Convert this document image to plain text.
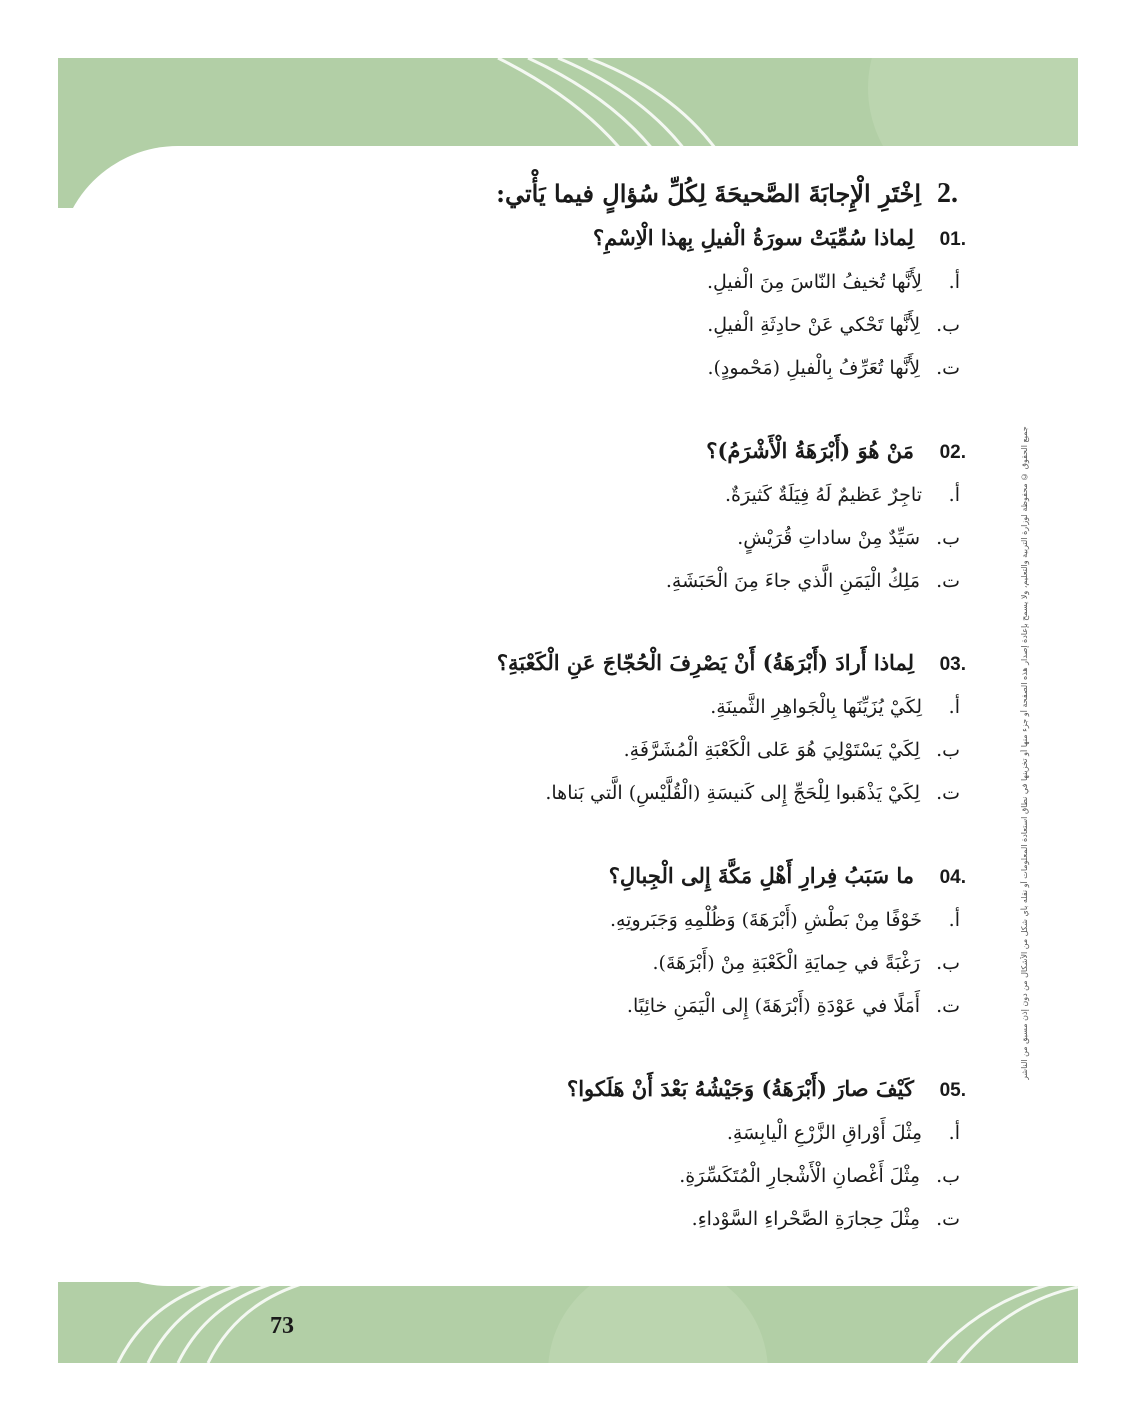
2.
اِخْتَرِ الْإِجابَةَ الصَّحيحَةَ لِكُلِّ سُؤالٍ فيما يَأْتي:
01.
لِماذا سُمِّيَتْ سورَةُ الْفيلِ بِهذا الْاِسْمِ؟
أ.
لِأَنَّها تُخيفُ النّاسَ مِنَ الْفيلِ.
ب.
لِأَنَّها تَحْكي عَنْ حادِثَةِ الْفيلِ.
ت.
لِأَنَّها تُعَرِّفُ بِالْفيلِ (مَحْمودٍ).
02.
مَنْ هُوَ (أَبْرَهَةُ الْأَشْرَمُ)؟
أ.
تاجِرٌ عَظيمٌ لَهُ فِيَلَةٌ كَثيرَةٌ.
ب.
سَيِّدٌ مِنْ ساداتِ قُرَيْشٍ.
ت.
مَلِكُ الْيَمَنِ الَّذي جاءَ مِنَ الْحَبَشَةِ.
03.
لِماذا أَرادَ (أَبْرَهَةُ) أَنْ يَصْرِفَ الْحُجّاجَ عَنِ الْكَعْبَةِ؟
أ.
لِكَيْ يُزَيِّنَها بِالْجَواهِرِ الثَّمينَةِ.
ب.
لِكَيْ يَسْتَوْلِيَ هُوَ عَلى الْكَعْبَةِ الْمُشَرَّفَةِ.
ت.
لِكَيْ يَذْهَبوا لِلْحَجِّ إِلى كَنيسَةِ (الْقُلَّيْسِ) الَّتي بَناها.
04.
ما سَبَبُ فِرارِ أَهْلِ مَكَّةَ إِلى الْجِبالِ؟
أ.
خَوْفًا مِنْ بَطْشِ (أَبْرَهَةَ) وَظُلْمِهِ وَجَبَروتِهِ.
ب.
رَغْبَةً في حِمايَةِ الْكَعْبَةِ مِنْ (أَبْرَهَةَ).
ت.
أَمَلًا في عَوْدَةِ (أَبْرَهَةَ) إِلى الْيَمَنِ خائِبًا.
05.
كَيْفَ صارَ (أَبْرَهَةُ) وَجَيْشُهُ بَعْدَ أَنْ هَلَكوا؟
أ.
مِثْلَ أَوْراقِ الزَّرْعِ الْيابِسَةِ.
ب.
مِثْلَ أَغْصانِ الْأَشْجارِ الْمُتَكَسِّرَةِ.
ت.
مِثْلَ حِجارَةِ الصَّحْراءِ السَّوْداءِ.
جميع الحقوق © محفوظة لوزارة التربية والتعليم، ولا يسمح بإعادة إصدار هذه الصفحة أو جزء منها أو تخزينها في نطاق استعادة المعلومات أو نقله بأي شكل من الأشكال من دون إذن مسبق من الناشر
73
